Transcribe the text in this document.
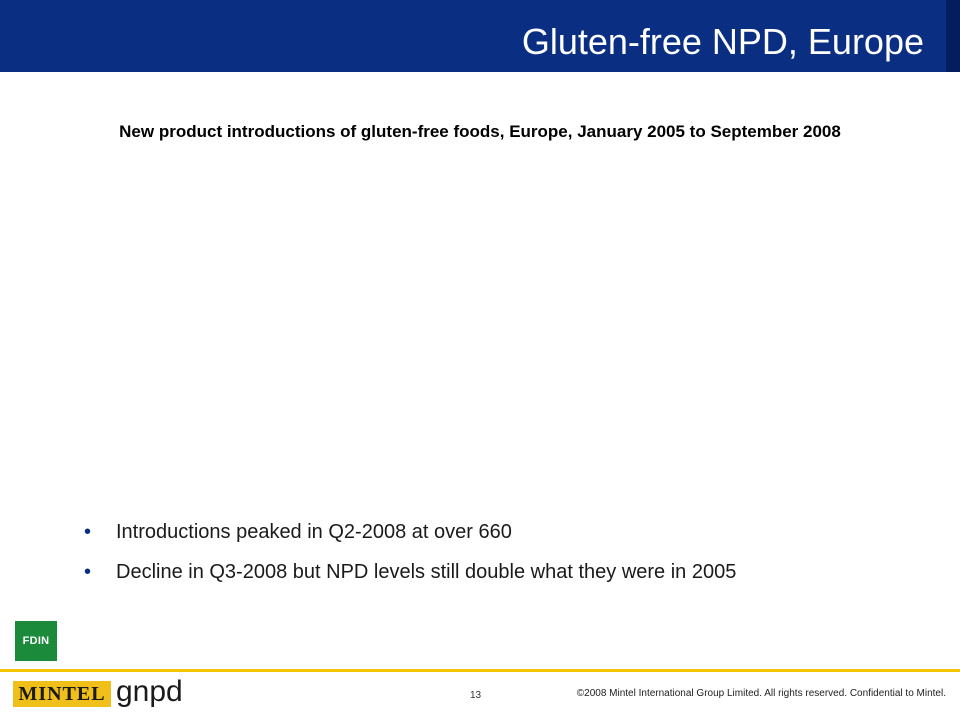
Gluten-free NPD, Europe
New product introductions of gluten-free foods, Europe, January 2005 to September 2008
• Introductions peaked in Q2-2008 at over 660
• Decline in Q3-2008 but NPD levels still double what they were in 2005
FDIN
MINTEL gnpd	13	©2008 Mintel International Group Limited. All rights reserved. Confidential to Mintel.
